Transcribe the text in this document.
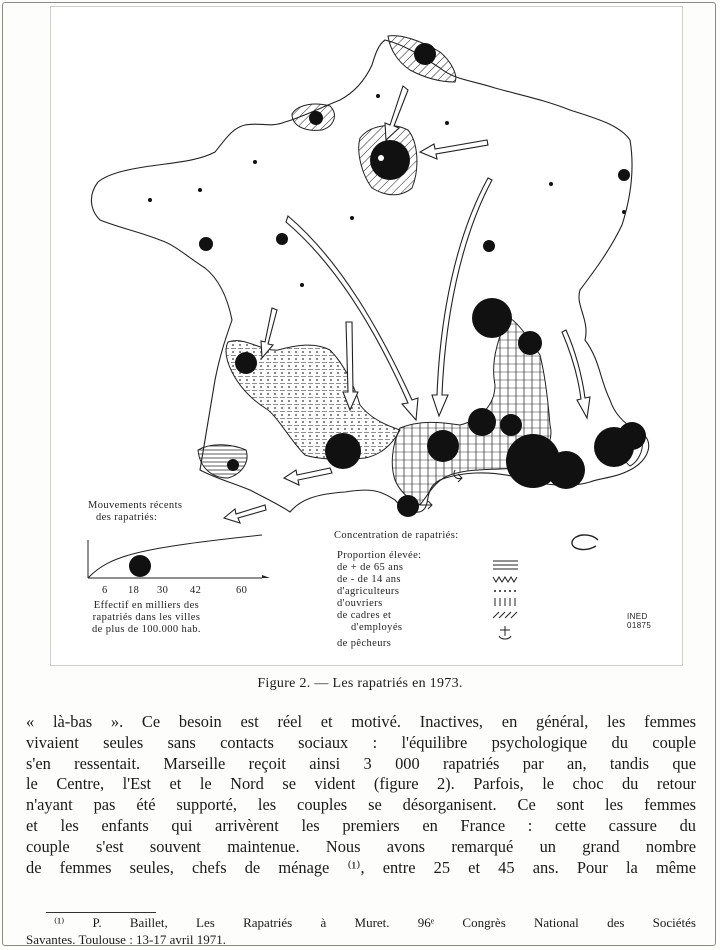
Mouvements récents
des rapatriés:
6 18 30 42	60
Effectif en milliers des
rapatriés dans les villes
de plus de 100.000 hab.
Concentration de rapatriés:
Proportion élevée:
de + de 65 ans
de - de 14 ans
d'agriculteurs
d'ouvriers
de cadres et
d'employés
de pêcheurs
INED
01875
Figure 2. — Les rapatriés en 1973.
« là-bas ». Ce besoin est réel et motivé. Inactives, en général, les femmes
vivaient seules sans contacts sociaux : l'équilibre psychologique du couple
s'en ressentait. Marseille reçoit ainsi 3 000 rapatriés par an, tandis que
le Centre, l'Est et le Nord se vident (figure 2). Parfois, le choc du retour
n'ayant pas été supporté, les couples se désorganisent. Ce sont les femmes
et les enfants qui arrivèrent les premiers en France : cette cassure du
couple s'est souvent maintenue. Nous avons remarqué un grand nombre
de femmes seules, chefs de ménage ⁽¹⁾, entre 25 et 45 ans. Pour la même
⁽¹⁾ P. Baillet, Les Rapatriés à Muret. 96ᵉ Congrès National des Sociétés
Savantes. Toulouse : 13-17 avril 1971.
